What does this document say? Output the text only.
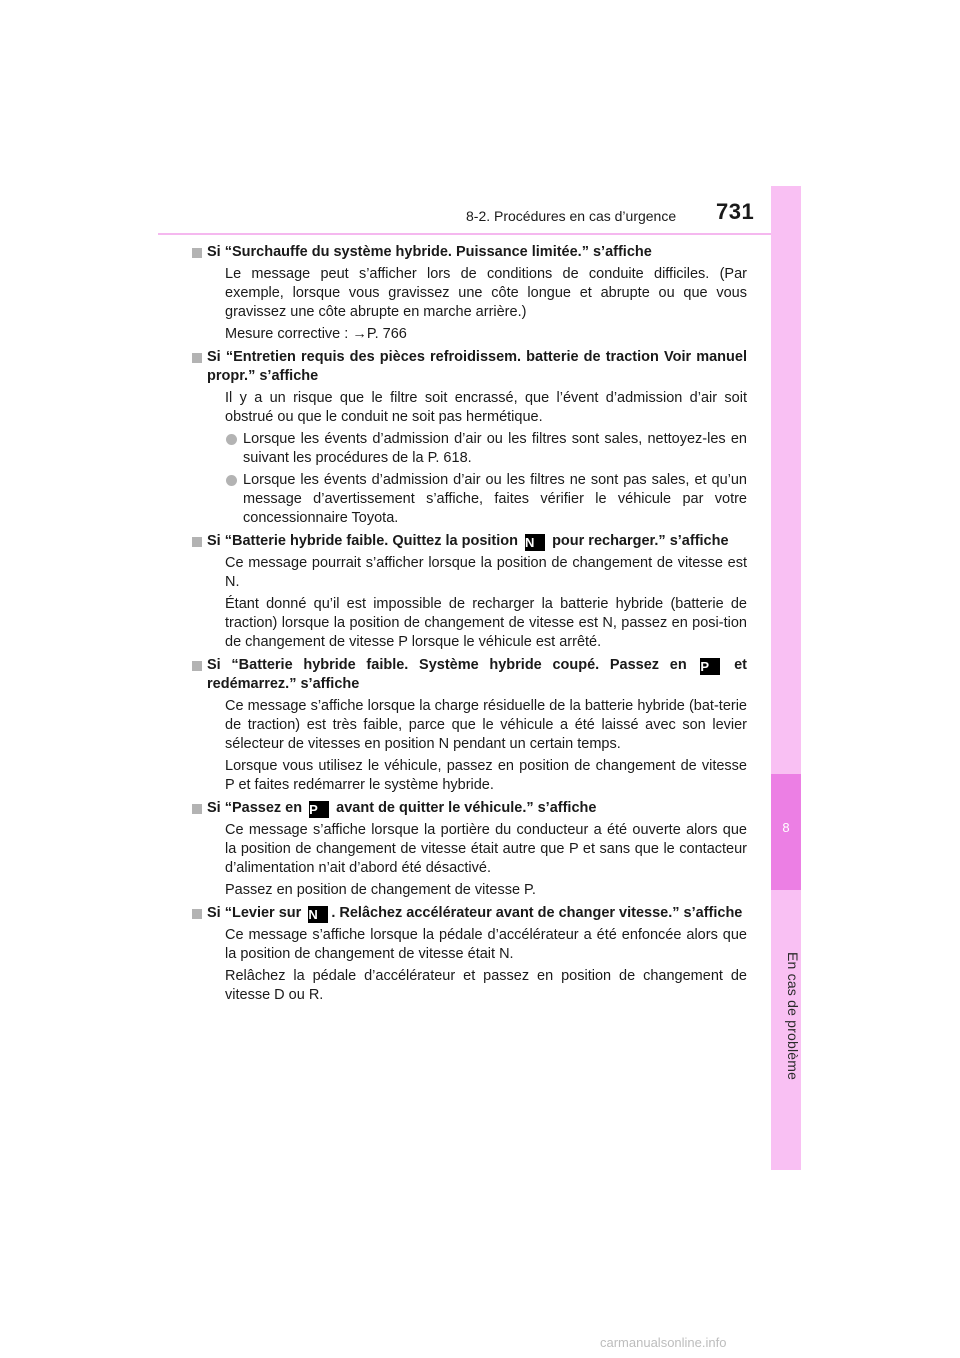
8-2. Procédures en cas d’urgence 731
8
En cas de problème
Si “Surchauffe du système hybride. Puissance limitée.” s’affiche
Le message peut s’afficher lors de conditions de conduite difficiles. (Par exemple, lorsque vous gravissez une côte longue et abrupte ou que vous gravissez une côte abrupte en marche arrière.)
Mesure corrective : →P. 766
Si “Entretien requis des pièces refroidissem. batterie de traction Voir manuel propr.” s’affiche
Il y a un risque que le filtre soit encrassé, que l’évent d’admission d’air soit obstrué ou que le conduit ne soit pas hermétique.
Lorsque les évents d’admission d’air ou les filtres sont sales, nettoyez-les en suivant les procédures de la P. 618.
Lorsque les évents d’admission d’air ou les filtres ne sont pas sales, et qu’un message d’avertissement s’affiche, faites vérifier le véhicule par votre concessionnaire Toyota.
Si “Batterie hybride faible. Quittez la position N pour recharger.” s’affiche
Ce message pourrait s’afficher lorsque la position de changement de vitesse est N.
Étant donné qu’il est impossible de recharger la batterie hybride (batterie de traction) lorsque la position de changement de vitesse est N, passez en posi-tion de changement de vitesse P lorsque le véhicule est arrêté.
Si “Batterie hybride faible. Système hybride coupé. Passez en P et redémarrez.” s’affiche
Ce message s’affiche lorsque la charge résiduelle de la batterie hybride (bat-terie de traction) est très faible, parce que le véhicule a été laissé avec son levier sélecteur de vitesses en position N pendant un certain temps.
Lorsque vous utilisez le véhicule, passez en position de changement de vitesse P et faites redémarrer le système hybride.
Si “Passez en P avant de quitter le véhicule.” s’affiche
Ce message s’affiche lorsque la portière du conducteur a été ouverte alors que la position de changement de vitesse était autre que P et sans que le contacteur d’alimentation n’ait d’abord été désactivé.
Passez en position de changement de vitesse P.
Si “Levier sur N . Relâchez accélérateur avant de changer vitesse.” s’affiche
Ce message s’affiche lorsque la pédale d’accélérateur a été enfoncée alors que la position de changement de vitesse était N.
Relâchez la pédale d’accélérateur et passez en position de changement de vitesse D ou R.
carmanualsonline.info
